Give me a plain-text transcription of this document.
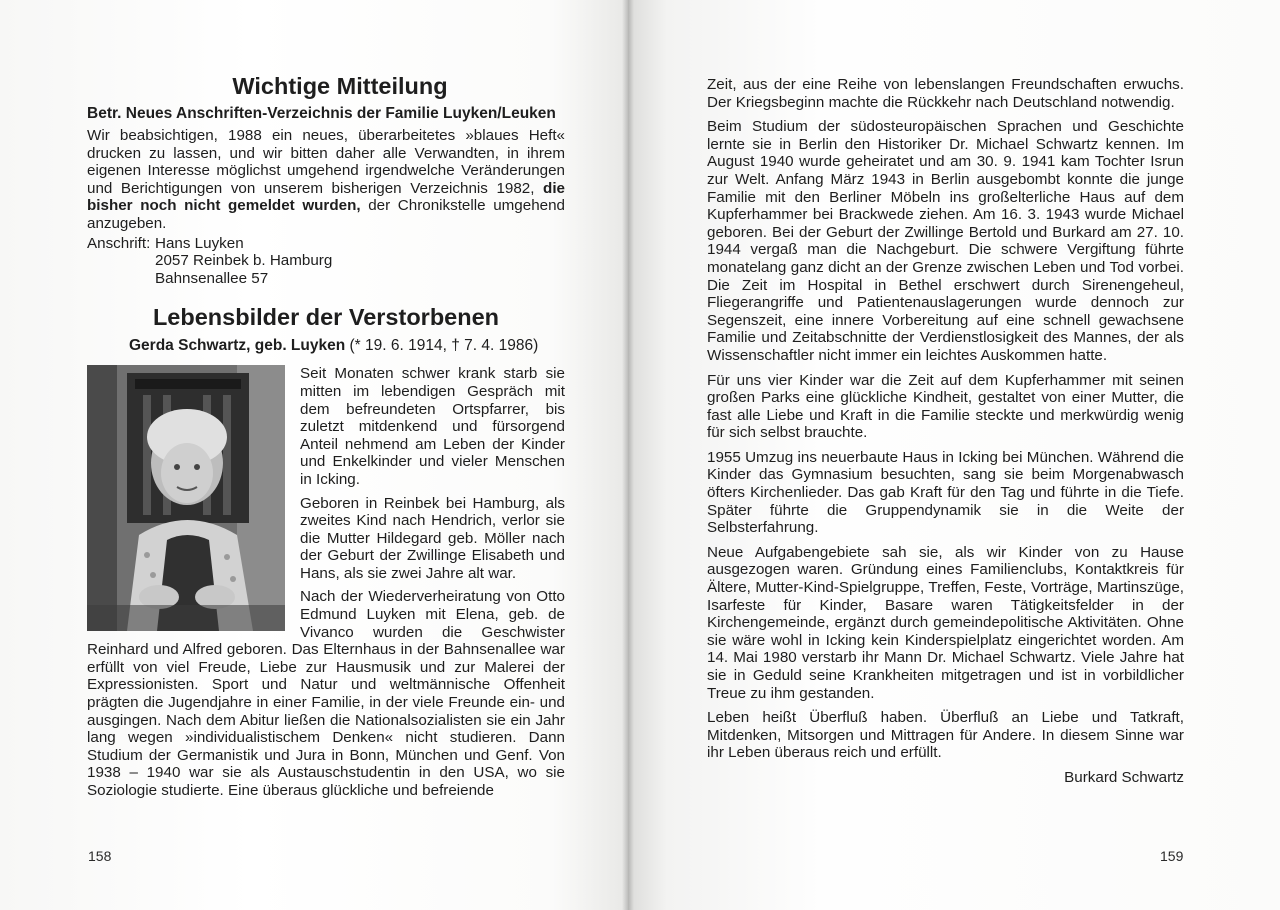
Wichtige Mitteilung
Betr. Neues Anschriften-Verzeichnis der Familie Luyken/Leuken

Wir beabsichtigen, 1988 ein neues, überarbeitetes »blaues Heft« drucken zu lassen, und wir bitten daher alle Verwandten, in ihrem eigenen Interesse möglichst umgehend irgendwelche Veränderungen und Berichtigungen von unserem bisherigen Verzeichnis 1982, die bisher noch nicht gemeldet wurden, der Chronikstelle umgehend anzugeben.

Anschrift: Hans Luyken
2057 Reinbek b. Hamburg
Bahnsenallee 57
Lebensbilder der Verstorbenen
Gerda Schwartz, geb. Luyken (* 19. 6. 1914, † 7. 4. 1986)

Seit Monaten schwer krank starb sie mitten im lebendigen Gespräch mit dem befreundeten Ortspfarrer, bis zuletzt mitdenkend und fürsorgend Anteil nehmend am Leben der Kinder und Enkelkinder und vieler Menschen in Icking.

Geboren in Reinbek bei Hamburg, als zweites Kind nach Hendrich, verlor sie die Mutter Hildegard geb. Möller nach der Geburt der Zwillinge Elisabeth und Hans, als sie zwei Jahre alt war.

Nach der Wiederverheiratung von Otto Edmund Luyken mit Elena, geb. de Vivanco wurden die Geschwister Reinhard und Alfred geboren. Das Elternhaus in der Bahnsenallee war erfüllt von viel Freude, Liebe zur Hausmusik und zur Malerei der Expressionisten. Sport und Natur und weltmännische Offenheit prägten die Jugendjahre in einer Familie, in der viele Freunde ein- und ausgingen. Nach dem Abitur ließen die Nationalsozialisten sie ein Jahr lang wegen »individualistischem Denken« nicht studieren. Dann Studium der Germanistik und Jura in Bonn, München und Genf. Von 1938 – 1940 war sie als Austauschstudentin in den USA, wo sie Soziologie studierte. Eine überaus glückliche und befreiende

158

Zeit, aus der eine Reihe von lebenslangen Freundschaften erwuchs. Der Kriegsbeginn machte die Rückkehr nach Deutschland notwendig.

Beim Studium der südosteuropäischen Sprachen und Geschichte lernte sie in Berlin den Historiker Dr. Michael Schwartz kennen. Im August 1940 wurde geheiratet und am 30. 9. 1941 kam Tochter Isrun zur Welt. Anfang März 1943 in Berlin ausgebombt konnte die junge Familie mit den Berliner Möbeln ins großelterliche Haus auf dem Kupferhammer bei Brackwede ziehen. Am 16. 3. 1943 wurde Michael geboren. Bei der Geburt der Zwillinge Bertold und Burkard am 27. 10. 1944 vergaß man die Nachgeburt. Die schwere Vergiftung führte monatelang ganz dicht an der Grenze zwischen Leben und Tod vorbei. Die Zeit im Hospital in Bethel erschwert durch Sirenengeheul, Fliegerangriffe und Patientenauslagerungen wurde dennoch zur Segenszeit, eine innere Vorbereitung auf eine schnell gewachsene Familie und Zeitabschnitte der Verdienstlosigkeit des Mannes, der als Wissenschaftler nicht immer ein leichtes Auskommen hatte.

Für uns vier Kinder war die Zeit auf dem Kupferhammer mit seinen großen Parks eine glückliche Kindheit, gestaltet von einer Mutter, die fast alle Liebe und Kraft in die Familie steckte und merkwürdig wenig für sich selbst brauchte.

1955 Umzug ins neuerbaute Haus in Icking bei München. Während die Kinder das Gymnasium besuchten, sang sie beim Morgenabwasch öfters Kirchenlieder. Das gab Kraft für den Tag und führte in die Tiefe. Später führte die Gruppendynamik sie in die Weite der Selbsterfahrung.

Neue Aufgabengebiete sah sie, als wir Kinder von zu Hause ausgezogen waren. Gründung eines Familienclubs, Kontaktkreis für Ältere, Mutter-Kind-Spielgruppe, Treffen, Feste, Vorträge, Martinszüge, Isarfeste für Kinder, Basare waren Tätigkeitsfelder in der Kirchengemeinde, ergänzt durch gemeindepolitische Aktivitäten. Ohne sie wäre wohl in Icking kein Kinderspielplatz eingerichtet worden. Am 14. Mai 1980 verstarb ihr Mann Dr. Michael Schwartz. Viele Jahre hat sie in Geduld seine Krankheiten mitgetragen und ist in vorbildlicher Treue zu ihm gestanden.

Leben heißt Überfluß haben. Überfluß an Liebe und Tatkraft, Mitdenken, Mitsorgen und Mittragen für Andere. In diesem Sinne war ihr Leben überaus reich und erfüllt.

Burkard Schwartz
159
